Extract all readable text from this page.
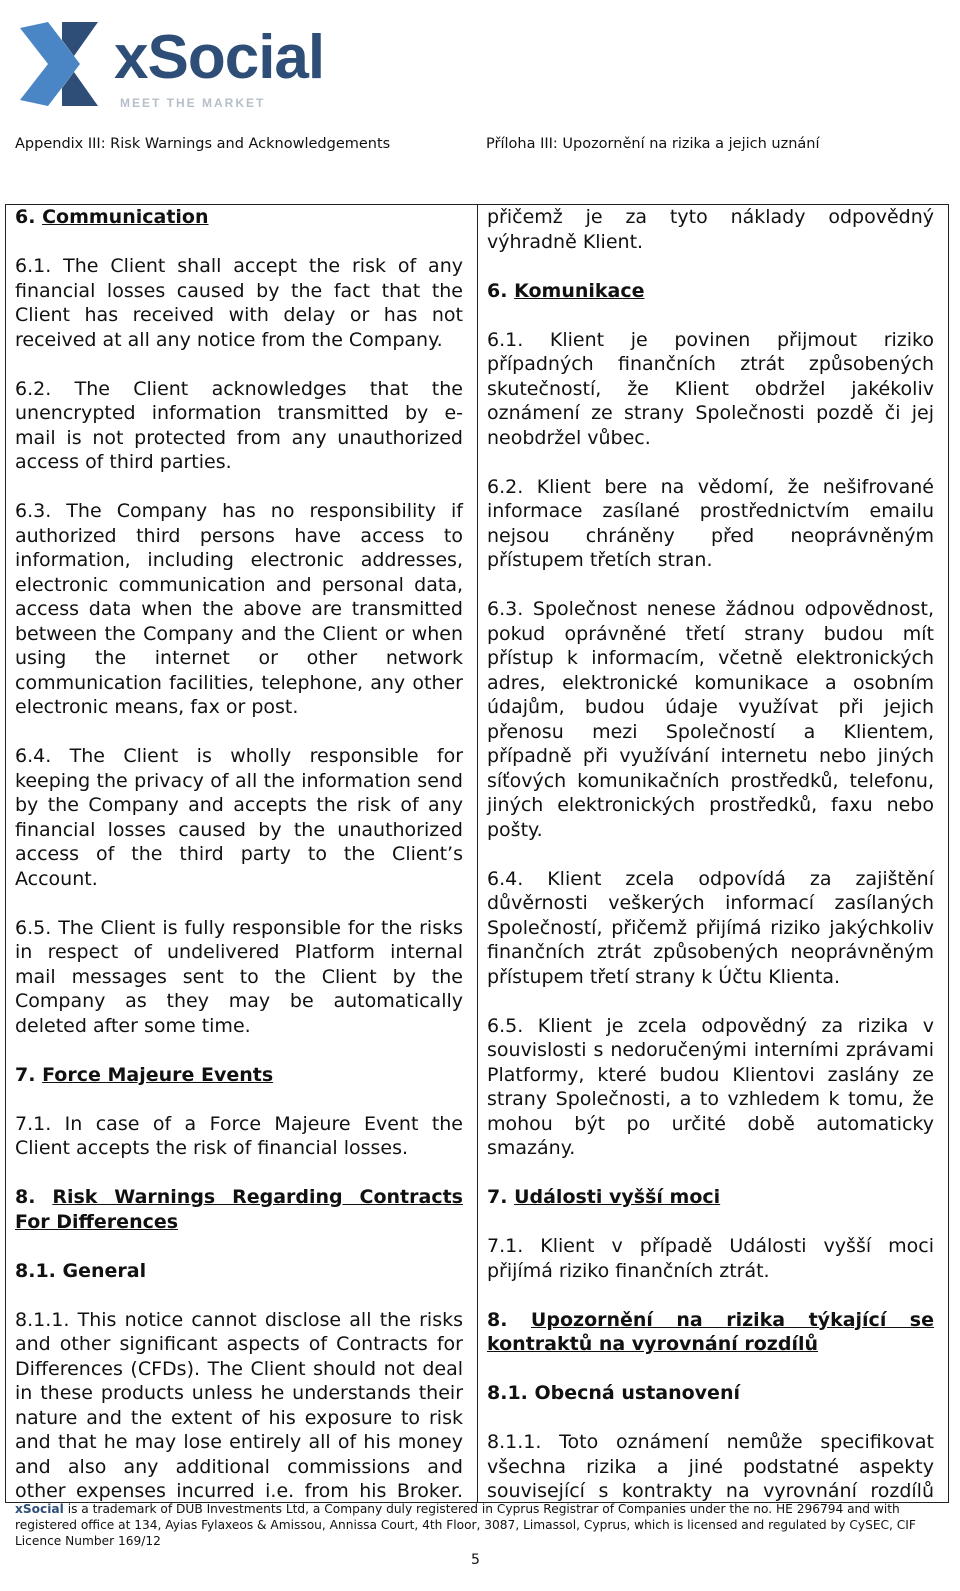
xSocial
MEET THE MARKET
Appendix III: Risk Warnings and Acknowledgements	Příloha III: Upozornění na rizika a jejich uznání
6. Communication

6.1. The Client shall accept the risk of any financial losses caused by the fact that the Client has received with delay or has not received at all any notice from the Company.

6.2. The Client acknowledges that the unencrypted information transmitted by e-mail is not protected from any unauthorized access of third parties.

6.3. The Company has no responsibility if authorized third persons have access to information, including electronic addresses, electronic communication and personal data, access data when the above are transmitted between the Company and the Client or when using the internet or other network communication facilities, telephone, any other electronic means, fax or post.

6.4. The Client is wholly responsible for keeping the privacy of all the information send by the Company and accepts the risk of any financial losses caused by the unauthorized access of the third party to the Client’s Account.

6.5. The Client is fully responsible for the risks in respect of undelivered Platform internal mail messages sent to the Client by the Company as they may be automatically deleted after some time.

7. Force Majeure Events

7.1. In case of a Force Majeure Event the Client accepts the risk of financial losses.

8. Risk Warnings Regarding Contracts For Differences
8.1. General

8.1.1. This notice cannot disclose all the risks and other significant aspects of Contracts for Differences (CFDs). The Client should not deal in these products unless he understands their nature and the extent of his exposure to risk and that he may lose entirely all of his money and also any additional commissions and other expenses incurred i.e. from his Broker.

přičemž je za tyto náklady odpovědný výhradně Klient.

6. Komunikace

6.1. Klient je povinen přijmout riziko případných finančních ztrát způsobených skutečností, že Klient obdržel jakékoliv oznámení ze strany Společnosti pozdě či jej neobdržel vůbec.

6.2. Klient bere na vědomí, že nešifrované informace zasílané prostřednictvím emailu nejsou chráněny před neoprávněným přístupem třetích stran.

6.3. Společnost nenese žádnou odpovědnost, pokud oprávněné třetí strany budou mít přístup k informacím, včetně elektronických adres, elektronické komunikace a osobním údajům, budou údaje využívat při jejich přenosu mezi Společností a Klientem, případně při využívání internetu nebo jiných síťových komunikačních prostředků, telefonu, jiných elektronických prostředků, faxu nebo pošty.

6.4. Klient zcela odpovídá za zajištění důvěrnosti veškerých informací zasílaných Společností, přičemž přijímá riziko jakýchkoliv finančních ztrát způsobených neoprávněným přístupem třetí strany k Účtu Klienta.

6.5. Klient je zcela odpovědný za rizika v souvislosti s nedoručenými interními zprávami Platformy, které budou Klientovi zaslány ze strany Společnosti, a to vzhledem k tomu, že mohou být po určité době automaticky smazány.

7. Události vyšší moci

7.1. Klient v případě Události vyšší moci přijímá riziko finančních ztrát.

8. Upozornění na rizika týkající se kontraktů na vyrovnání rozdílů
8.1. Obecná ustanovení

8.1.1. Toto oznámení nemůže specifikovat všechna rizika a jiné podstatné aspekty související s kontrakty na vyrovnání rozdílů

xSocial is a trademark of DUB Investments Ltd, a Company duly registered in Cyprus Registrar of Companies under the no. HE 296794 and with registered office at 134, Ayias Fylaxeos & Amissou, Annissa Court, 4th Floor, 3087, Limassol, Cyprus, which is licensed and regulated by CySEC, CIF Licence Number 169/12
5
